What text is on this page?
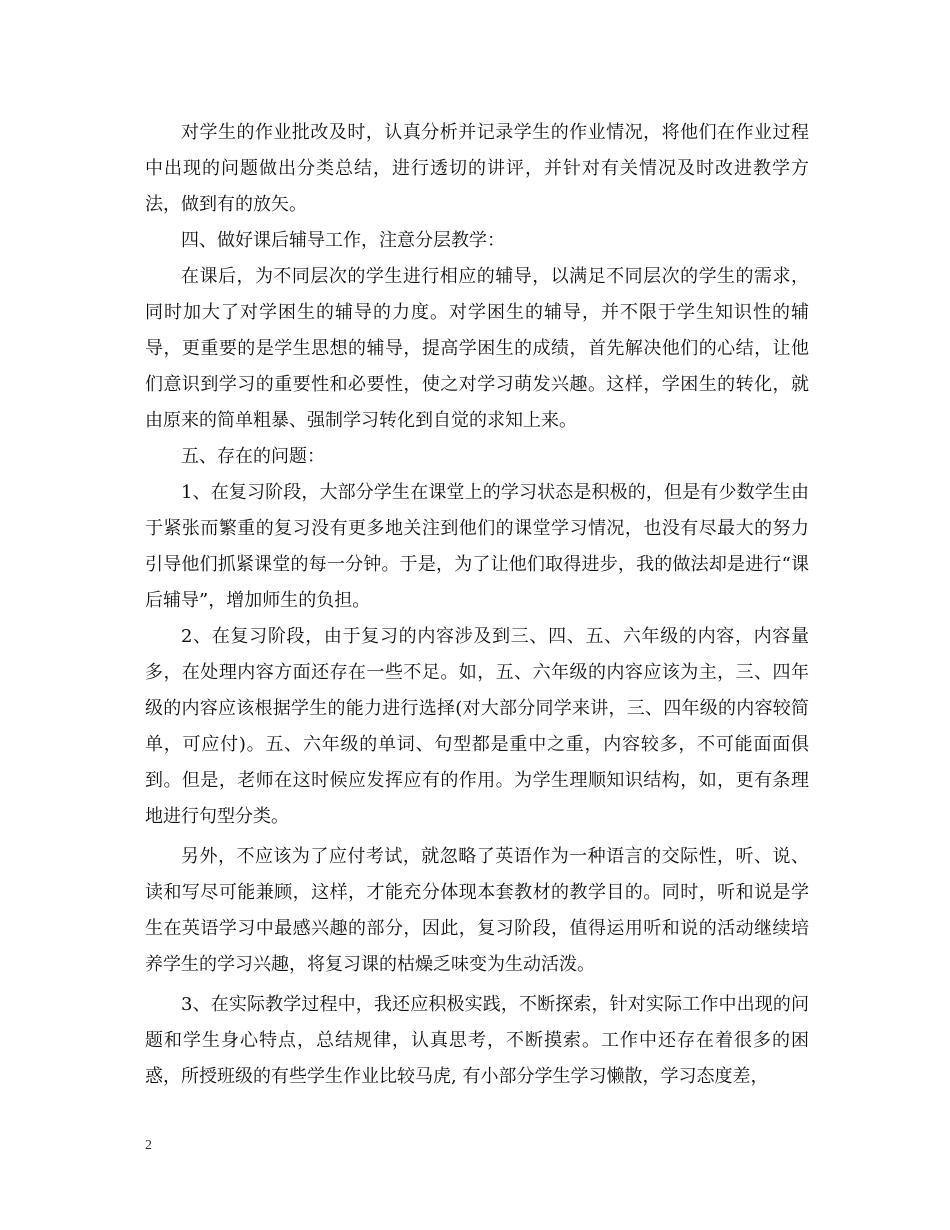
对学生的作业批改及时，认真分析并记录学生的作业情况，将他们在作业过程中出现的问题做出分类总结，进行透切的讲评，并针对有关情况及时改进教学方法，做到有的放矢。

四、做好课后辅导工作，注意分层教学：

在课后，为不同层次的学生进行相应的辅导，以满足不同层次的学生的需求，同时加大了对学困生的辅导的力度。对学困生的辅导，并不限于学生知识性的辅导，更重要的是学生思想的辅导，提高学困生的成绩，首先解决他们的心结，让他们意识到学习的重要性和必要性，使之对学习萌发兴趣。这样，学困生的转化，就由原来的简单粗暴、强制学习转化到自觉的求知上来。

五、存在的问题：

1、在复习阶段，大部分学生在课堂上的学习状态是积极的，但是有少数学生由于紧张而繁重的复习没有更多地关注到他们的课堂学习情况，也没有尽最大的努力引导他们抓紧课堂的每一分钟。于是，为了让他们取得进步，我的做法却是进行“课后辅导”，增加师生的负担。

2、在复习阶段，由于复习的内容涉及到三、四、五、六年级的内容，内容量多，在处理内容方面还存在一些不足。如，五、六年级的内容应该为主，三、四年级的内容应该根据学生的能力进行选择(对大部分同学来讲，三、四年级的内容较简单，可应付)。五、六年级的单词、句型都是重中之重，内容较多，不可能面面俱到。但是，老师在这时候应发挥应有的作用。为学生理顺知识结构，如，更有条理地进行句型分类。

另外，不应该为了应付考试，就忽略了英语作为一种语言的交际性，听、说、读和写尽可能兼顾，这样，才能充分体现本套教材的教学目的。同时，听和说是学生在英语学习中最感兴趣的部分，因此，复习阶段，值得运用听和说的活动继续培养学生的学习兴趣，将复习课的枯燥乏味变为生动活泼。

3、在实际教学过程中，我还应积极实践，不断探索，针对实际工作中出现的问题和学生身心特点，总结规律，认真思考，不断摸索。工作中还存在着很多的困惑，所授班级的有些学生作业比较马虎, 有小部分学生学习懒散，学习态度差，

2
